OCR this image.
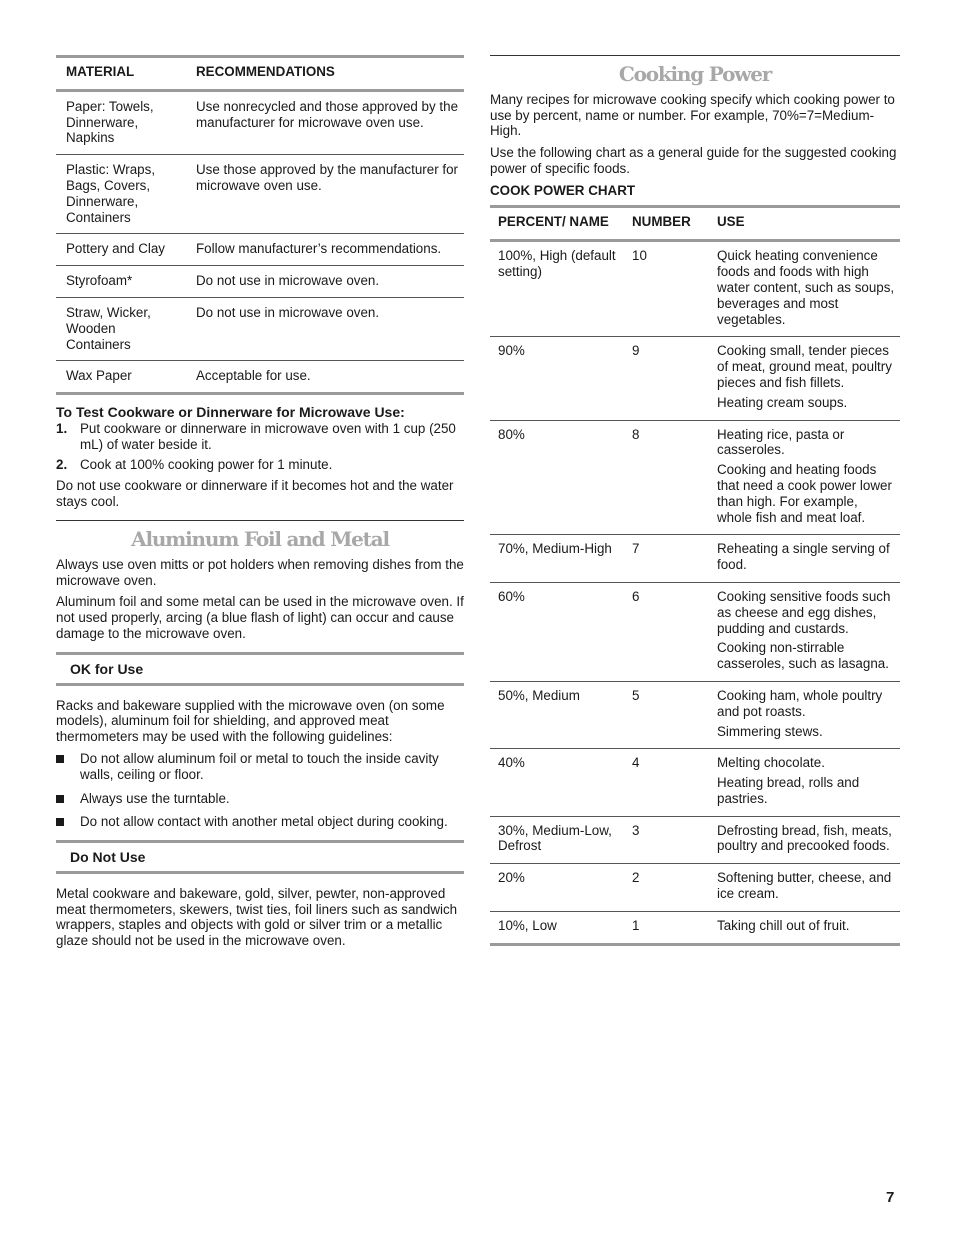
MATERIAL	RECOMMENDATIONS
Paper: Towels, Dinnerware, Napkins	Use nonrecycled and those approved by the manufacturer for microwave oven use.
Plastic: Wraps, Bags, Covers, Dinnerware, Containers	Use those approved by the manufacturer for microwave oven use.
Pottery and Clay	Follow manufacturer’s recommendations.
Styrofoam*	Do not use in microwave oven.
Straw, Wicker, Wooden Containers	Do not use in microwave oven.
Wax Paper	Acceptable for use.
To Test Cookware or Dinnerware for Microwave Use:
1. Put cookware or dinnerware in microwave oven with 1 cup (250 mL) of water beside it.
2. Cook at 100% cooking power for 1 minute.

Do not use cookware or dinnerware if it becomes hot and the water stays cool.

Aluminum Foil and Metal

Always use oven mitts or pot holders when removing dishes from the microwave oven.

Aluminum foil and some metal can be used in the microwave oven. If not used properly, arcing (a blue flash of light) can occur and cause damage to the microwave oven.

OK for Use

Racks and bakeware supplied with the microwave oven (on some models), aluminum foil for shielding, and approved meat thermometers may be used with the following guidelines:

Do not allow aluminum foil or metal to touch the inside cavity walls, ceiling or floor.
Always use the turntable.
Do not allow contact with another metal object during cooking.
Do Not Use

Metal cookware and bakeware, gold, silver, pewter, non-approved meat thermometers, skewers, twist ties, foil liners such as sandwich wrappers, staples and objects with gold or silver trim or a metallic glaze should not be used in the microwave oven.

Cooking Power

Many recipes for microwave cooking specify which cooking power to use by percent, name or number. For example, 70%=7=Medium-High.

Use the following chart as a general guide for the suggested cooking power of specific foods.

COOK POWER CHART
PERCENT/ NAME	NUMBER	USE
100%, High (default setting)	10	Quick heating convenience foods and foods with high water content, such as soups, beverages and most vegetables.

90%	9	Cooking small, tender pieces of meat, ground meat, poultry pieces and fish fillets.
Heating cream soups.

80%	8	Heating rice, pasta or casseroles.
Cooking and heating foods that need a cook power lower than high. For example, whole fish and meat loaf.

70%, Medium-High	7	Reheating a single serving of food.

60%	6	Cooking sensitive foods such as cheese and egg dishes, pudding and custards.
Cooking non-stirrable casseroles, such as lasagna.

50%, Medium	5	Cooking ham, whole poultry and pot roasts.
Simmering stews.

40%	4	Melting chocolate.
Heating bread, rolls and pastries.

30%, Medium-Low, Defrost	3	Defrosting bread, fish, meats, poultry and precooked foods.

20%	2	Softening butter, cheese, and ice cream.

10%, Low	1	Taking chill out of fruit.
7
